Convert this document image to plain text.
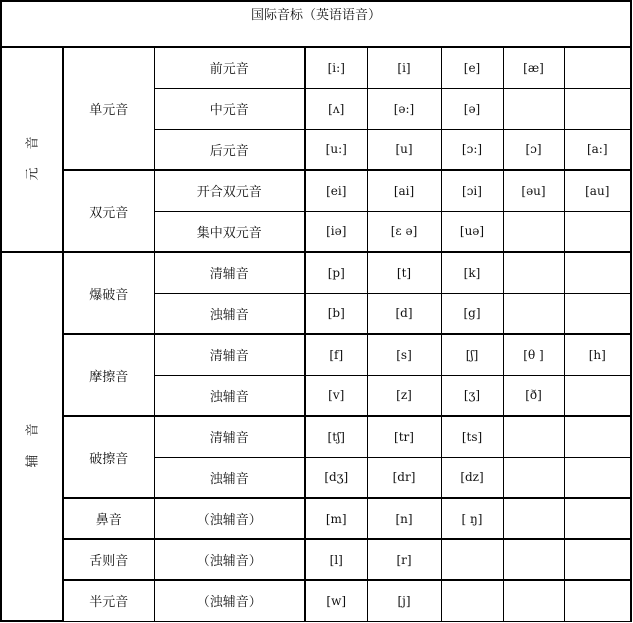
国际音标（英语语音）							
元音	单元音	前元音	[i:]	[i]	[e]	[æ]	
		中元音	[ʌ]	[ə:]	[ə]		
		后元音	[u:]	[u]	[ɔ:]	[ɔ]	[a:]
	双元音	开合双元音	[ei]	[ai]	[ɔi]	[əu]	[au]
		集中双元音	[iə]	[ɛ ə]	[uə]		
辅音	爆破音	清辅音	[p]	[t]	[k]		
		浊辅音	[b]	[d]	[g]		
	摩擦音	清辅音	[f]	[s]	[ʃ]	[θ ]	[h]
		浊辅音	[v]	[z]	[ʒ]	[ð]	
	破擦音	清辅音	[tʃ]	[tr]	[ts]		
		浊辅音	[dʒ]	[dr]	[dz]		
	鼻音	（浊辅音）	[m]	[n]	[ ŋ]		
	舌则音	（浊辅音）	[l]	[r]			
	半元音	（浊辅音）	[w]	[j]			
